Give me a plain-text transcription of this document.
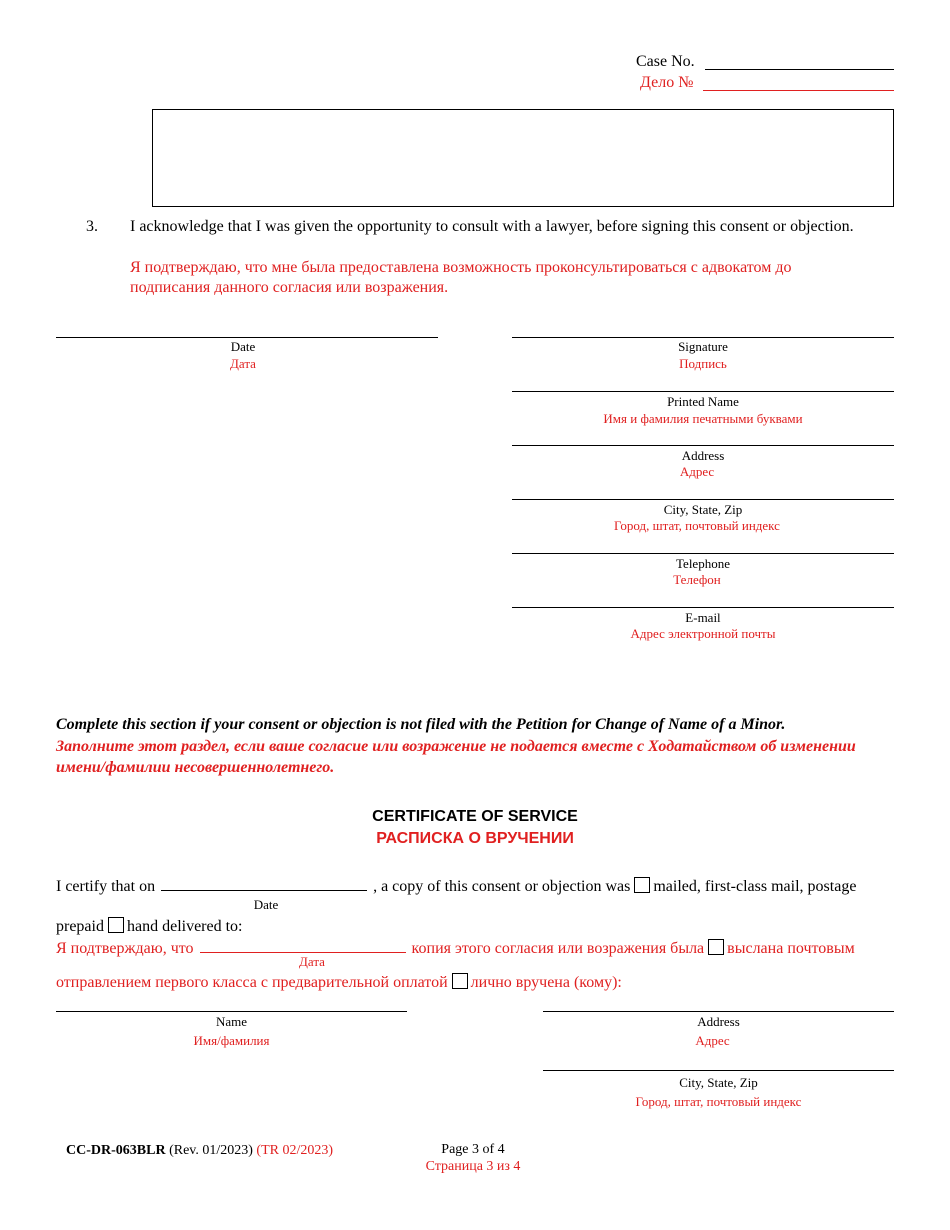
Case No.
Дело №
3. I acknowledge that I was given the opportunity to consult with a lawyer, before signing this consent or objection.
Я подтверждаю, что мне была предоставлена возможность проконсультироваться с адвокатом до подписания данного согласия или возражения.
Date
Дата
Signature
Подпись
Printed Name
Имя и фамилия печатными буквами
Address
Адрес
City, State, Zip
Город, штат, почтовый индекс
Telephone
Телефон
E-mail
Адрес электронной почты
Complete this section if your consent or objection is not filed with the Petition for Change of Name of a Minor.
Заполните этот раздел, если ваше согласие или возражение не подается вместе с Ходатайством об изменении имени/фамилии несовершеннолетнего.
CERTIFICATE OF SERVICE
РАСПИСКА О ВРУЧЕНИИ
I certify that on	, a copy of this consent or objection was mailed, first-class mail, postage
Date
prepaid hand delivered to:
Я подтверждаю, что	копия этого согласия или возражения была выслана почтовым
Дата
отправлением первого класса с предварительной оплатой лично вручена (кому):
Name
Имя/фамилия
Address
Адрес
City, State, Zip
Город, штат, почтовый индекс
CC-DR-063BLR (Rev. 01/2023) (TR 02/2023)	Page 3 of 4
Страница 3 из 4
